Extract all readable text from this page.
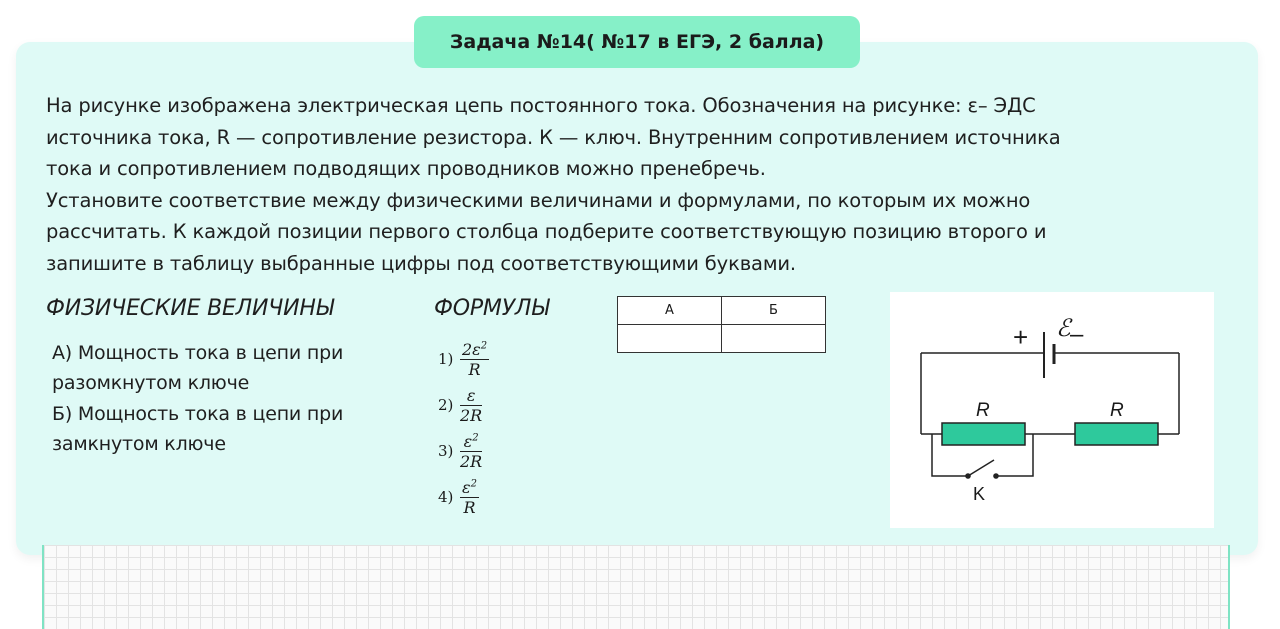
Задача №14( №17 в ЕГЭ, 2 балла)
На рисунке изображена электрическая цепь постоянного тока. Обозначения на рисунке: ε– ЭДС
источника тока, R — сопротивление резистора. К — ключ. Внутренним сопротивлением источника
тока и сопротивлением подводящих проводников можно пренебречь.
Установите соответствие между физическими величинами и формулами, по которым их можно
рассчитать. К каждой позиции первого столбца подберите соответствующую позицию второго и
запишите в таблицу выбранные цифры под соответствующими буквами.
ФИЗИЧЕСКИЕ ВЕЛИЧИНЫ	ФОРМУЛЫ
А) Мощность тока в цепи при разомкнутом ключе
Б) Мощность тока в цепи при замкнутом ключе
$1) \frac{2\varepsilon^2}{R}$
$2) \frac{\varepsilon}{2R}$
$3) \frac{\varepsilon^2}{2R}$
$4) \frac{\varepsilon^2}{R}$
А	Б

+ –
ℰ
R	R
K
